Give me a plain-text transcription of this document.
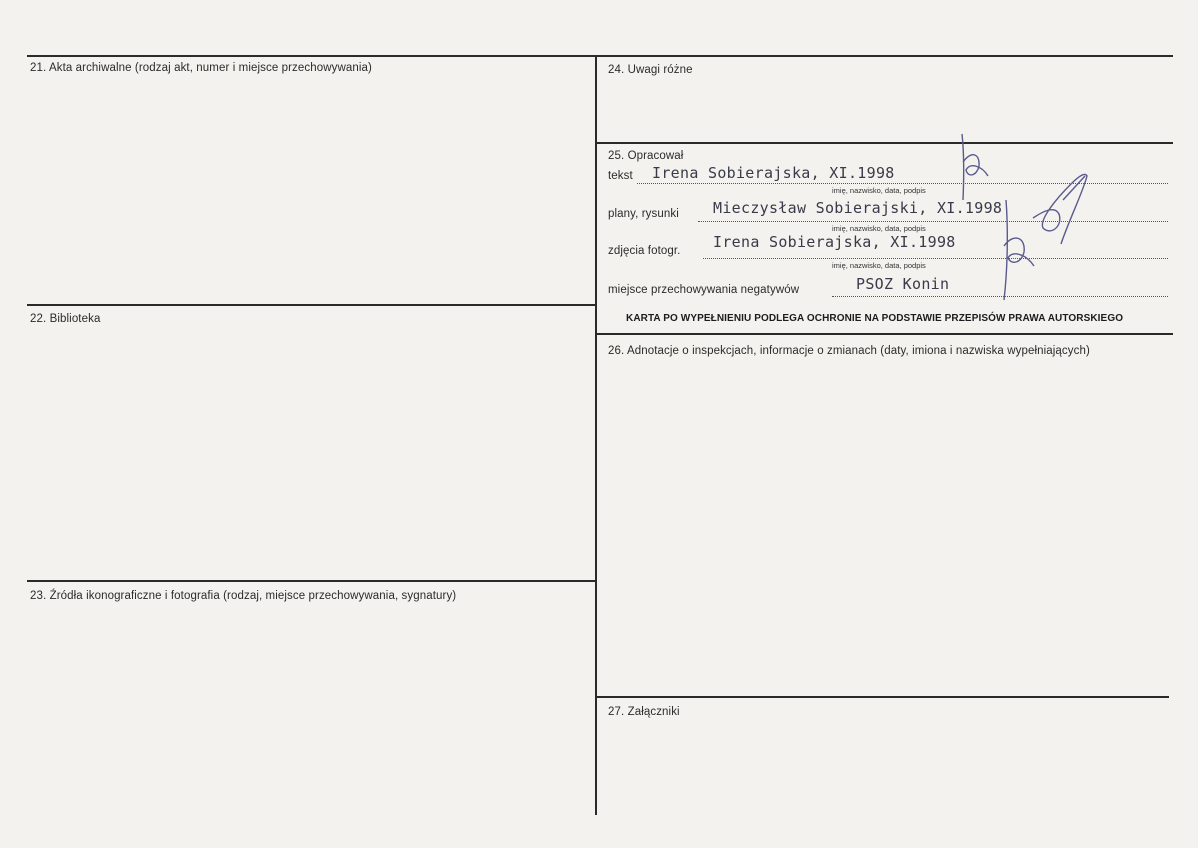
21. Akta archiwalne (rodzaj akt, numer i miejsce przechowywania)
22. Biblioteka
23. Źródła ikonograficzne i fotografia (rodzaj, miejsce przechowywania, sygnatury)
24. Uwagi różne
25. Opracował
tekst Irena Sobierajska, XI.1998
imię, nazwisko, data, podpis
plany, rysunki Mieczysław Sobierajski, XI.1998
imię, nazwisko, data, podpis
zdjęcia fotogr. Irena Sobierajska, XI.1998
imię, nazwisko, data, podpis
miejsce przechowywania negatywów	PSOZ Konin
KARTA PO WYPEŁNIENIU PODLEGA OCHRONIE NA PODSTAWIE PRZEPISÓW PRAWA AUTORSKIEGO
26. Adnotacje o inspekcjach, informacje o zmianach (daty, imiona i nazwiska wypełniających)
27. Załączniki
